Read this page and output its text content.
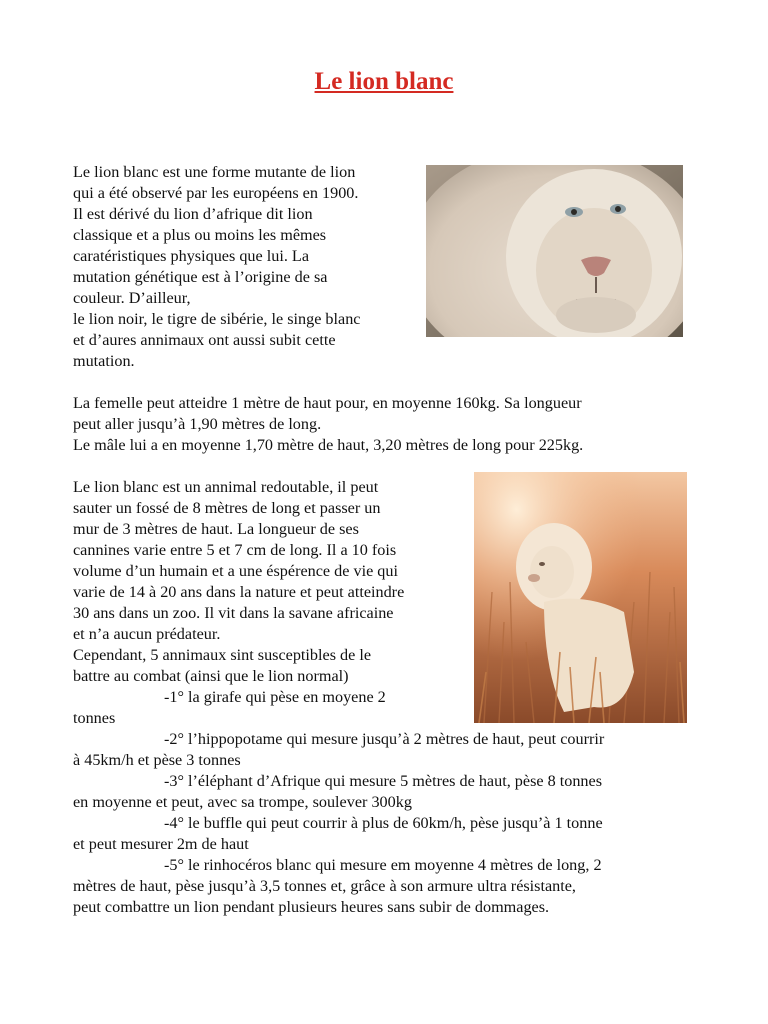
Le lion blanc
Le lion blanc est une forme mutante de lion
qui a été observé par les européens en 1900.
Il est dérivé du lion d’afrique dit lion
classique et a plus ou moins les mêmes
caratéristiques physiques que lui. La
mutation génétique est à l’origine de sa
couleur. D’ailleur,
le lion noir, le tigre de sibérie, le singe blanc
et d’aures annimaux ont aussi subit cette
mutation.
La femelle peut atteidre 1 mètre de haut pour, en moyenne 160kg. Sa longueur
peut aller jusqu’à 1,90 mètres de long.
Le mâle lui a en moyenne 1,70 mètre de haut, 3,20 mètres de long pour 225kg.
Le lion blanc est un annimal redoutable, il peut
sauter un fossé de 8 mètres de long et passer un
mur de 3 mètres de haut. La longueur de ses
cannines varie entre 5 et 7 cm de long. Il a 10 fois
volume d’un humain et a une éspérence de vie qui
varie de 14 à 20 ans dans la nature et peut atteindre
30 ans dans un zoo. Il vit dans la savane africaine
et n’a aucun prédateur.
Cependant, 5 annimaux sint susceptibles de le
battre au combat (ainsi que le lion normal)
-1° la girafe qui pèse en moyene 2
tonnes
-2° l’hippopotame qui mesure jusqu’à 2 mètres de haut, peut courrir
à 45km/h et pèse 3 tonnes
-3° l’éléphant d’Afrique qui mesure 5 mètres de haut, pèse 8 tonnes
en moyenne et peut, avec sa trompe, soulever 300kg
-4° le buffle qui peut courrir à plus de 60km/h, pèse jusqu’à 1 tonne
et peut mesurer 2m de haut
-5° le rinhocéros blanc qui mesure em moyenne 4 mètres de long, 2
mètres de haut, pèse jusqu’à 3,5 tonnes et, grâce à son armure ultra résistante,
peut combattre un lion pendant plusieurs heures sans subir de dommages.
